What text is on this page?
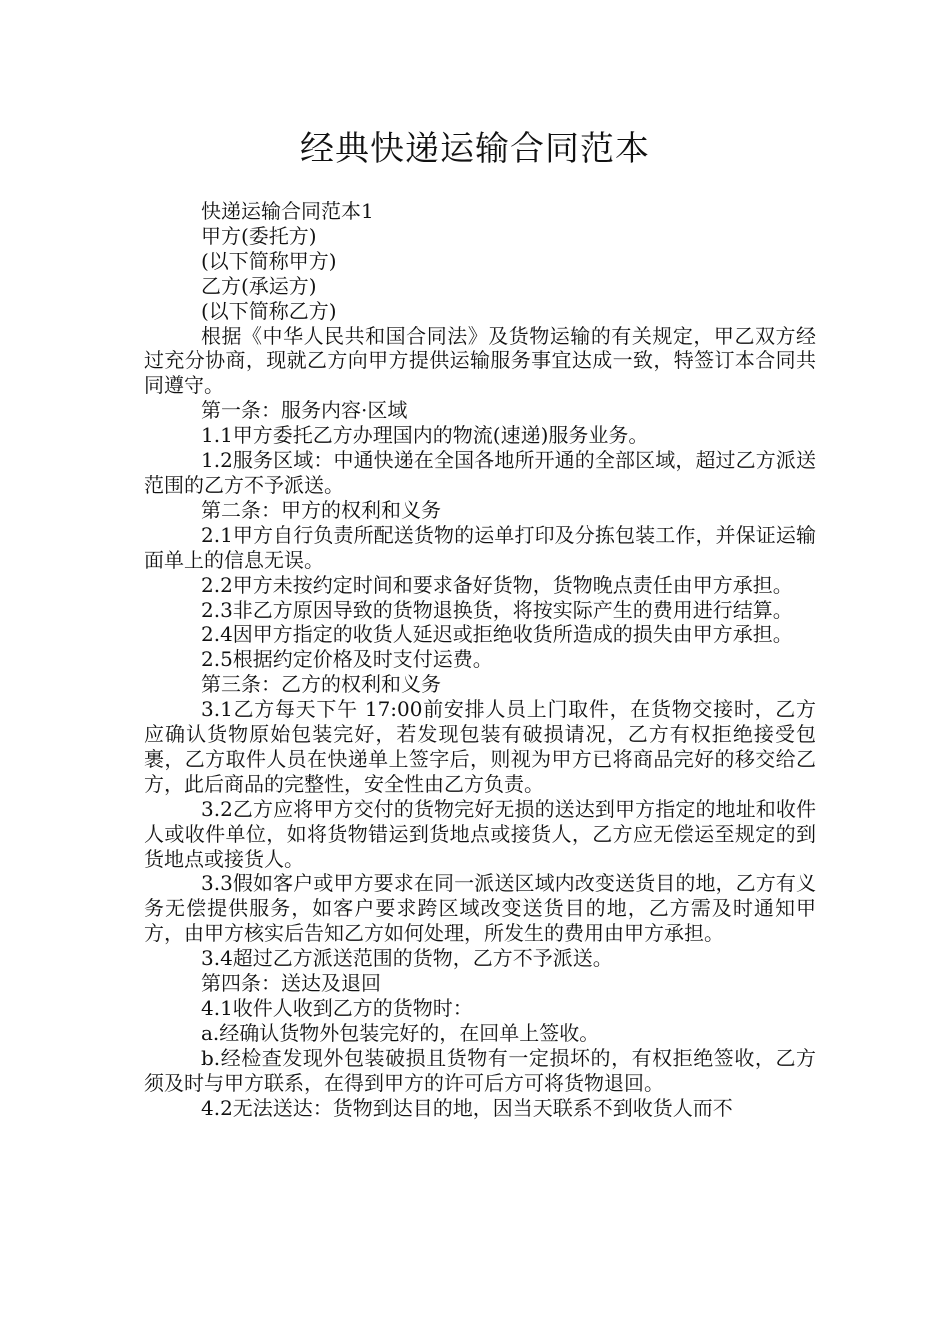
经典快递运输合同范本

快递运输合同范本1

甲方(委托方)

(以下简称甲方)

乙方(承运方)

(以下简称乙方)

根据《中华人民共和国合同法》及货物运输的有关规定，甲乙双方经过充分协商，现就乙方向甲方提供运输服务事宜达成一致，特签订本合同共同遵守。

第一条：服务内容·区域

1.1甲方委托乙方办理国内的物流(速递)服务业务。

1.2服务区域：中通快递在全国各地所开通的全部区域，超过乙方派送范围的乙方不予派送。

第二条：甲方的权利和义务

2.1甲方自行负责所配送货物的运单打印及分拣包装工作，并保证运输面单上的信息无误。

2.2甲方未按约定时间和要求备好货物，货物晚点责任由甲方承担。

2.3非乙方原因导致的货物退换货，将按实际产生的费用进行结算。

2.4因甲方指定的收货人延迟或拒绝收货所造成的损失由甲方承担。

2.5根据约定价格及时支付运费。

第三条：乙方的权利和义务

3.1乙方每天下午 17:00前安排人员上门取件，在货物交接时，乙方应确认货物原始包装完好，若发现包装有破损请况，乙方有权拒绝接受包裹，乙方取件人员在快递单上签字后，则视为甲方已将商品完好的移交给乙方，此后商品的完整性，安全性由乙方负责。

3.2乙方应将甲方交付的货物完好无损的送达到甲方指定的地址和收件人或收件单位，如将货物错运到货地点或接货人，乙方应无偿运至规定的到货地点或接货人。

3.3假如客户或甲方要求在同一派送区域内改变送货目的地，乙方有义务无偿提供服务，如客户要求跨区域改变送货目的地，乙方需及时通知甲方，由甲方核实后告知乙方如何处理，所发生的费用由甲方承担。

3.4超过乙方派送范围的货物，乙方不予派送。

第四条：送达及退回

4.1收件人收到乙方的货物时：

a.经确认货物外包装完好的，在回单上签收。

b.经检查发现外包装破损且货物有一定损坏的，有权拒绝签收，乙方须及时与甲方联系，在得到甲方的许可后方可将货物退回。

4.2无法送达：货物到达目的地，因当天联系不到收货人而不
